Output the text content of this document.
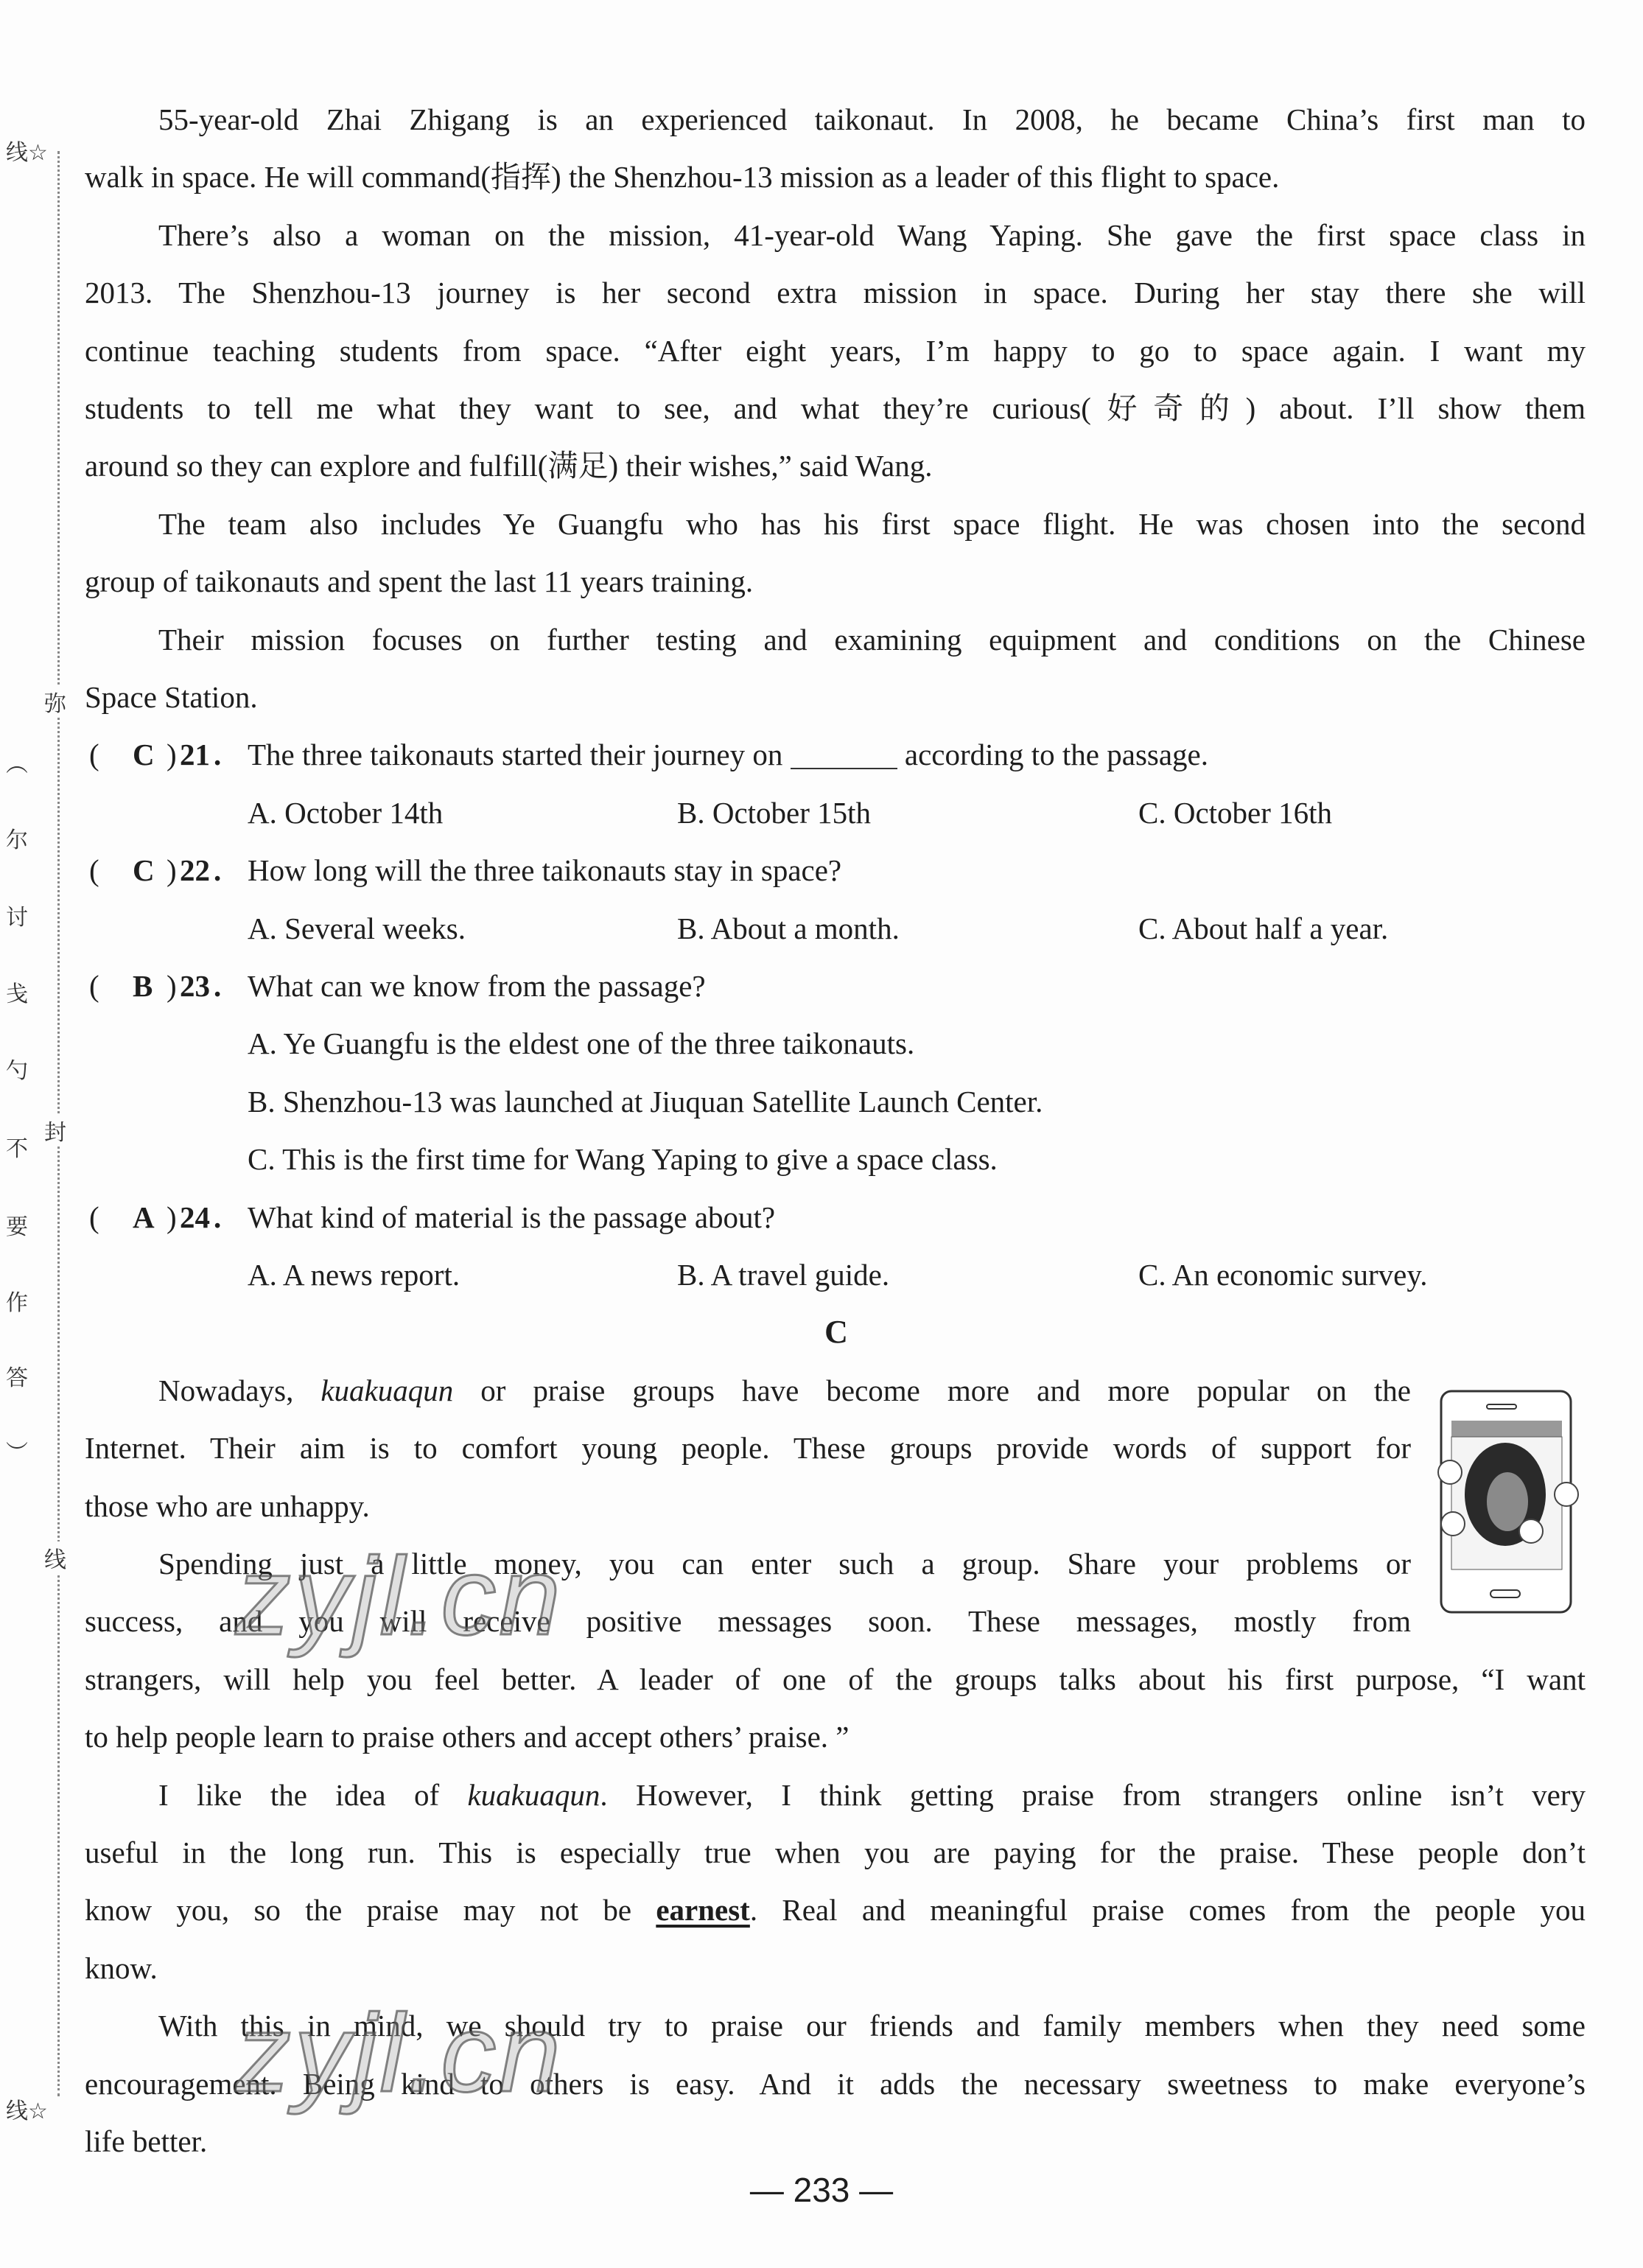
线☆
弥
封
线
线☆
︵
尔
讨
戋
勺
不
要
作
答
︶
55-year-old Zhai Zhigang is an experienced taikonaut. In 2008, he became China’s first man to
walk in space. He will command(指挥) the Shenzhou-13 mission as a leader of this flight to space.
There’s also a woman on the mission, 41-year-old Wang Yaping. She gave the first space class in
2013. The Shenzhou-13 journey is her second extra mission in space. During her stay there she will
continue teaching students from space. “After eight years, I’m happy to go to space again. I want my
students to tell me what they want to see, and what they’re curious(好奇的) about. I’ll show them
around so they can explore and fulfill(满足) their wishes,” said Wang.
The team also includes Ye Guangfu who has his first space flight. He was chosen into the second
group of taikonauts and spent the last 11 years training.
Their mission focuses on further testing and examining equipment and conditions on the Chinese
Space Station.
( C ) 21 . The three taikonauts started their journey on	according to the passage.
A. October 14th	B. October 15th	C. October 16th
( C ) 22 . How long will the three taikonauts stay in space?
A. Several weeks.	B. About a month.	C. About half a year.
( B ) 23 . What can we know from the passage?
A. Ye Guangfu is the eldest one of the three taikonauts.
B. Shenzhou-13 was launched at Jiuquan Satellite Launch Center.
C. This is the first time for Wang Yaping to give a space class.
( A ) 24 . What kind of material is the passage about?
A. A news report.	B. A travel guide.	C. An economic survey.
C
Nowadays, kuakuaqun or praise groups have become more and more popular on the
Internet. Their aim is to comfort young people. These groups provide words of support for
those who are unhappy.
Spending just a little money, you can enter such a group. Share your problems or
success, and you will receive positive messages soon. These messages, mostly from
strangers, will help you feel better. A leader of one of the groups talks about his first purpose, “I want
to help people learn to praise others and accept others’ praise. ”
I like the idea of kuakuaqun. However, I think getting praise from strangers online isn’t very
useful in the long run. This is especially true when you are paying for the praise. These people don’t
know you, so the praise may not be earnest. Real and meaningful praise comes from the people you
know.
With this in mind, we should try to praise our friends and family members when they need some
encouragement. Being kind to others is easy. And it adds the necessary sweetness to make everyone’s
life better.
zyjl.cn
zyjl.cn
— 233 —
